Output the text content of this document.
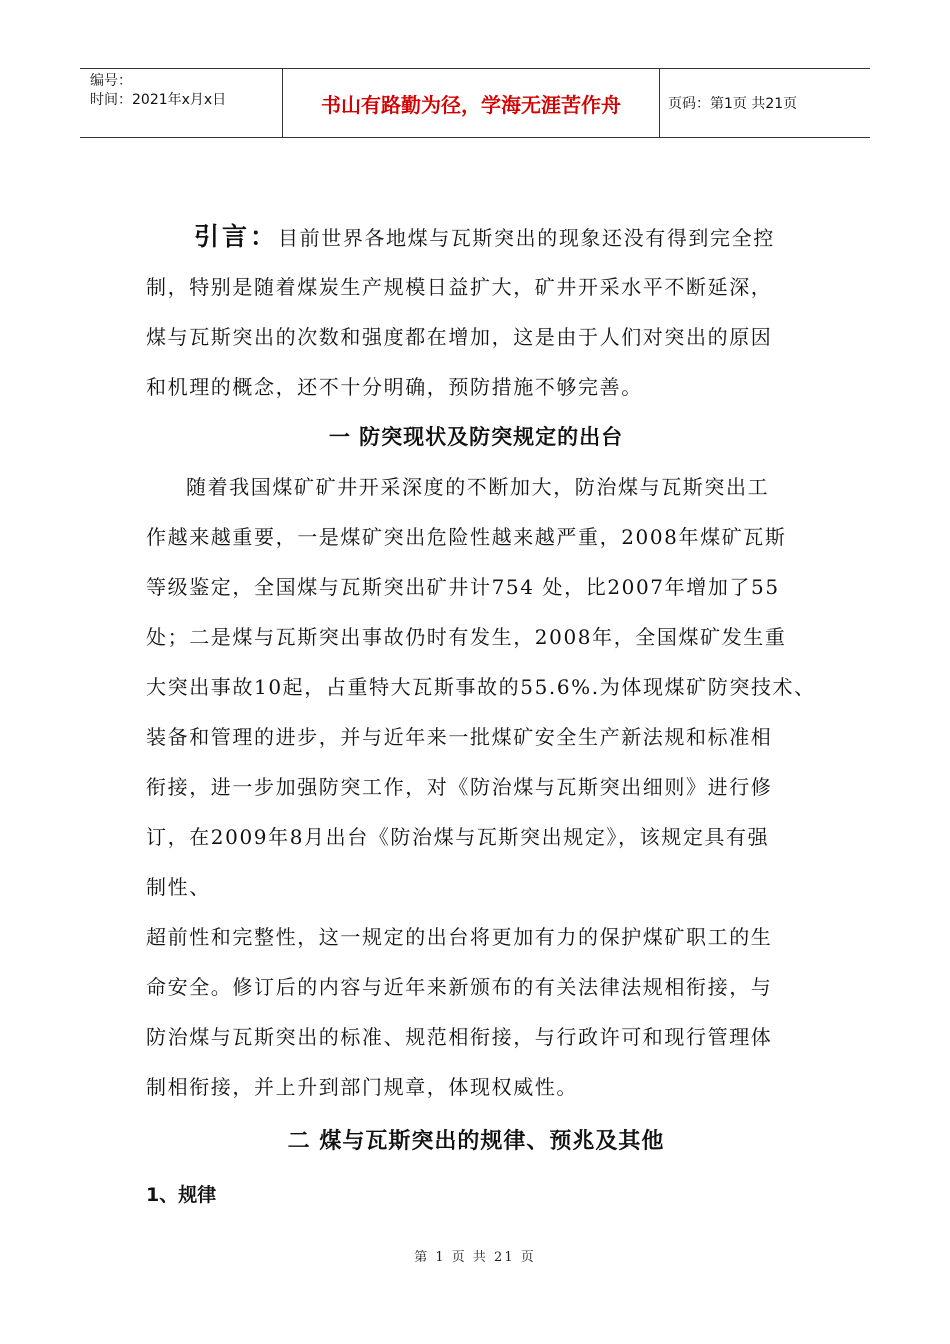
编号：
时间：2021年x月x日	书山有路勤为径，学海无涯苦作舟	页码：第1页 共21页

引言：目前世界各地煤与瓦斯突出的现象还没有得到完全控

制，特别是随着煤炭生产规模日益扩大，矿井开采水平不断延深，

煤与瓦斯突出的次数和强度都在增加，这是由于人们对突出的原因

和机理的概念，还不十分明确，预防措施不够完善。

一 防突现状及防突规定的出台

随着我国煤矿矿井开采深度的不断加大，防治煤与瓦斯突出工

作越来越重要，一是煤矿突出危险性越来越严重，2008年煤矿瓦斯

等级鉴定，全国煤与瓦斯突出矿井计754 处，比2007年增加了55

处；二是煤与瓦斯突出事故仍时有发生，2008年，全国煤矿发生重

大突出事故10起，占重特大瓦斯事故的55.6%.为体现煤矿防突技术、

装备和管理的进步，并与近年来一批煤矿安全生产新法规和标准相

衔接，进一步加强防突工作，对《防治煤与瓦斯突出细则》进行修

订，在2009年8月出台《防治煤与瓦斯突出规定》，该规定具有强

制性、

超前性和完整性，这一规定的出台将更加有力的保护煤矿职工的生

命安全。修订后的内容与近年来新颁布的有关法律法规相衔接，与

防治煤与瓦斯突出的标准、规范相衔接，与行政许可和现行管理体

制相衔接，并上升到部门规章，体现权威性。

二 煤与瓦斯突出的规律、预兆及其他
1、规律
第 1 页 共 21 页
